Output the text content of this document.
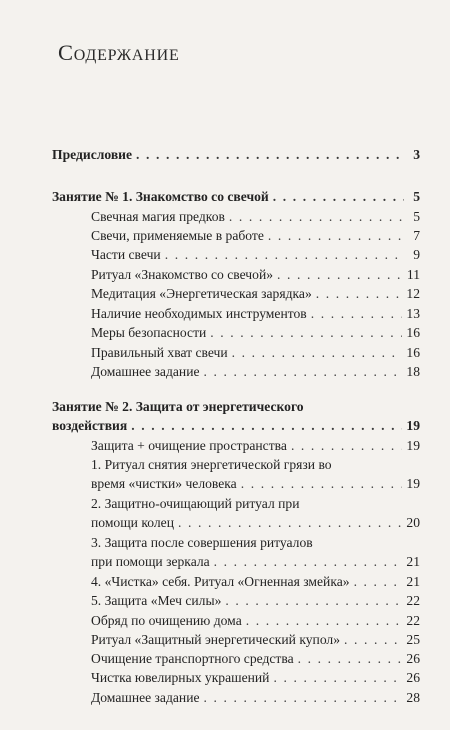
Содержание
Предисловие . . .	3
Занятие № 1. Знакомство со свечой . . .	5
Свечная магия предков . . .	5
Свечи, применяемые в работе . . .	7
Части свечи . . .	9
Ритуал «Знакомство со свечой» . . .	11
Медитация «Энергетическая зарядка» . . .	12
Наличие необходимых инструментов . . .	13
Меры безопасности . . .	16
Правильный хват свечи . . .	16
Домашнее задание . . .	18
Занятие № 2. Защита от энергетического
воздействия . . .	19
Защита + очищение пространства . . .	19
1. Ритуал снятия энергетической грязи во
время «чистки» человека . . .	19
2. Защитно-очищающий ритуал при
помощи колец . . .	20
3. Защита после совершения ритуалов
при помощи зеркала . . .	21
4. «Чистка» себя. Ритуал «Огненная змейка» . . .	21
5. Защита «Меч силы» . . .	22
Обряд по очищению дома . . .	22
Ритуал «Защитный энергетический купол» . . .	25
Очищение транспортного средства . . .	26
Чистка ювелирных украшений . . .	26
Домашнее задание . . .	28
